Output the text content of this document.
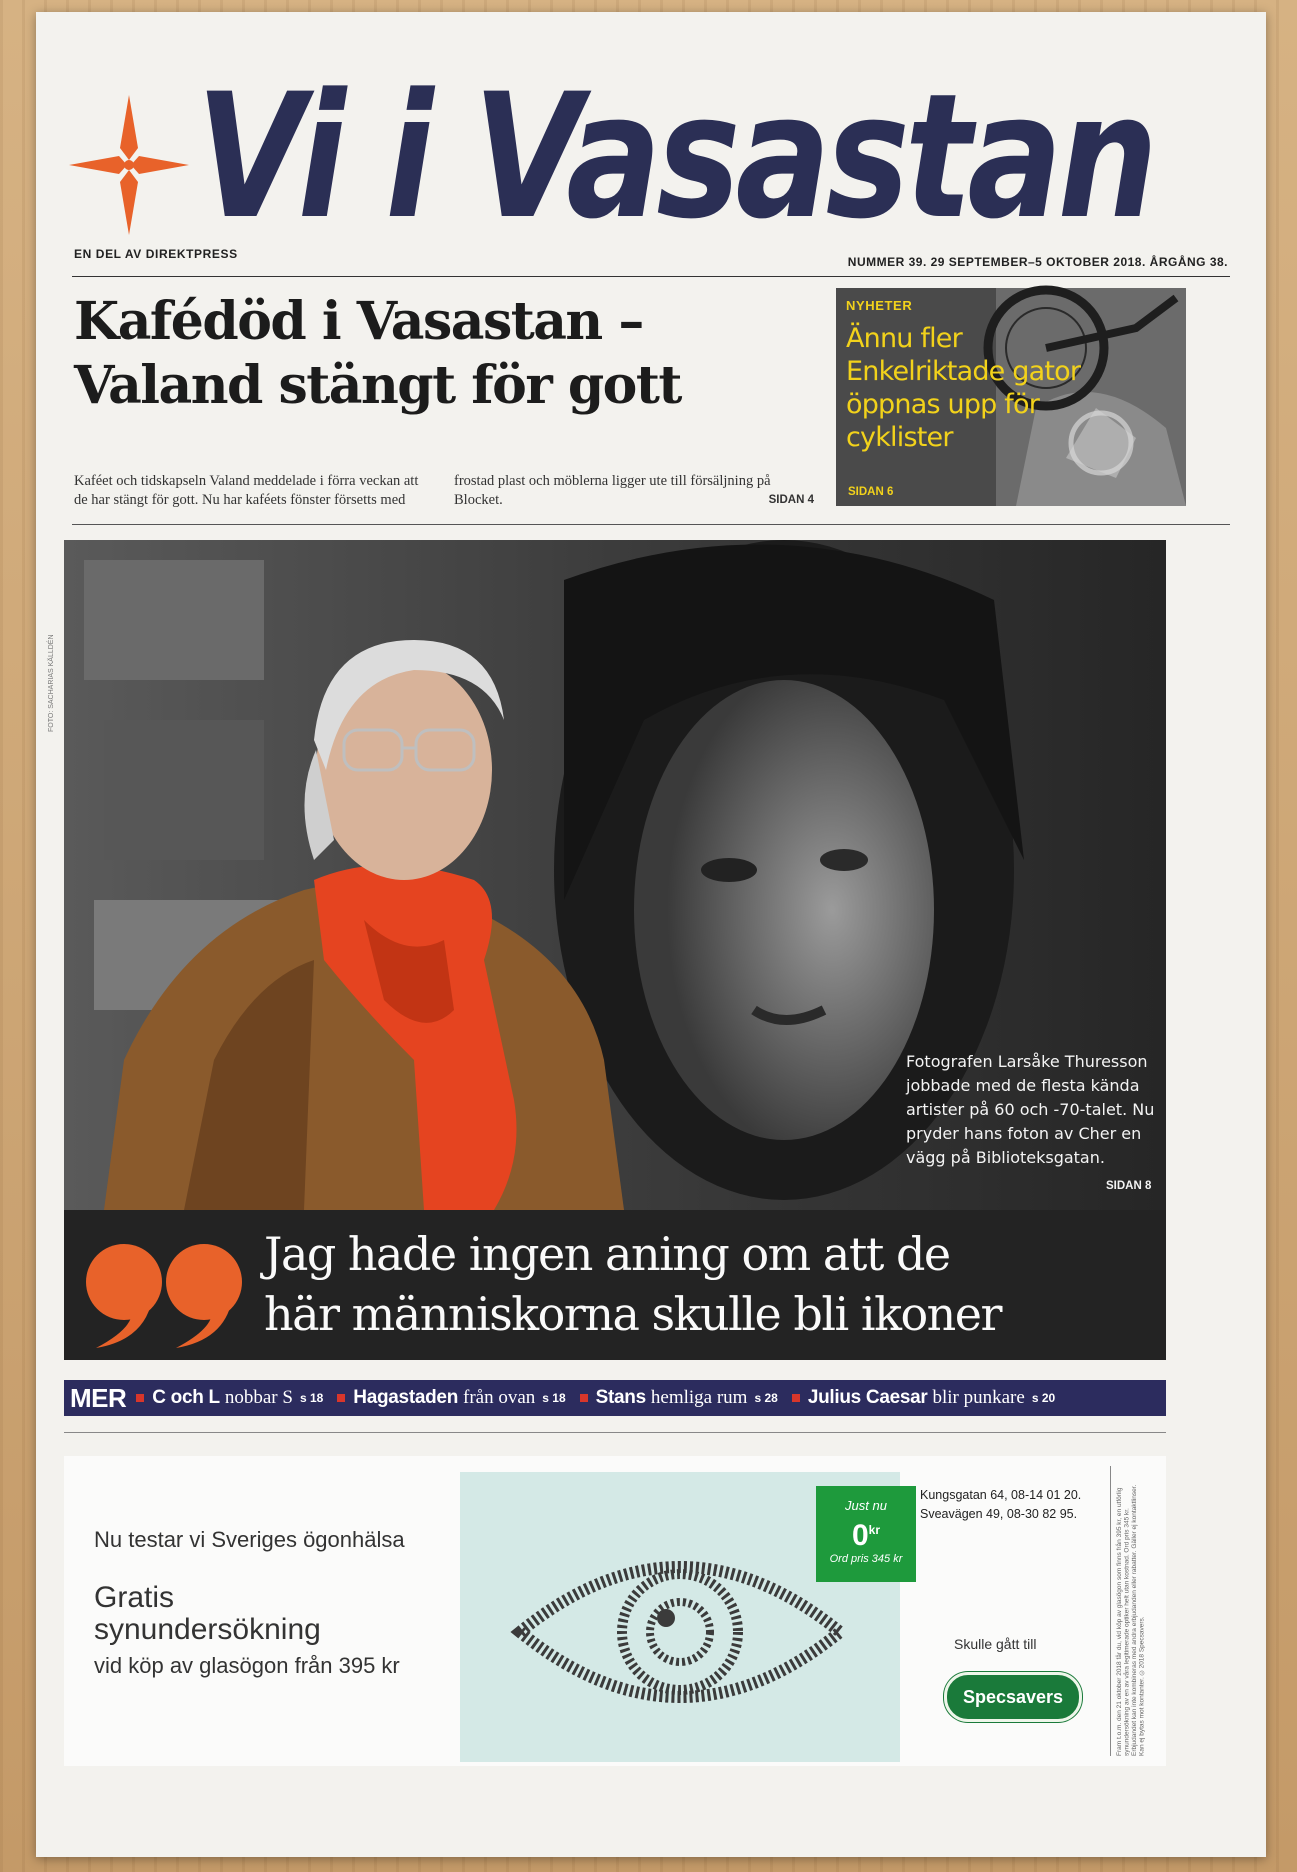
Vi i Vasastan
EN DEL AV DIREKTPRESS
NUMMER 39. 29 SEPTEMBER–5 OKTOBER 2018. ÅRGÅNG 38.
Kafédöd i Vasastan –
Valand stängt för gott
Kaféet och tidskapseln Valand meddelade i förra veckan att de har stängt för gott. Nu har kaféets fönster försetts med frostad plast och möblerna ligger ute till försäljning på Blocket.	SIDAN 4
NYHETER
Ännu fler Enkelriktade gator öppnas upp för cyklister
SIDAN 6
FOTO: SACHARIAS KÄLLDÉN
Fotografen Larsåke Thuresson jobbade med de flesta kända artister på 60 och -70-talet. Nu pryder hans foton av Cher en vägg på Biblioteksgatan.
SIDAN 8
Jag hade ingen aning om att de
här människorna skulle bli ikoner
MER	C och L nobbar S s 18 Hagastaden från ovan s 18 Stans hemliga rum s 28 Julius Caesar blir punkare s 20
Nu testar vi Sveriges ögonhälsa
Gratis
synundersökning
vid köp av glasögon från 395 kr
Just nu
$0^{kr}$
Ord pris 345 kr
Kungsgatan 64, 08-14 01 20.
Sveavägen 49, 08-30 82 95.
Skulle gått till
Specsavers	Fram t.o.m. den 21 oktober 2018 får du, vid köp av glasögon som finns från 395 kr, en utförlig synundersökning av en av våra legitimerade optiker helt utan kostnad. Ord pris 345 kr. Erbjudandet kan inte kombineras med andra erbjudanden eller rabatter. Gäller ej kontaktlinser. Kan ej bytas mot kontanter. ©2018 Specsavers.
